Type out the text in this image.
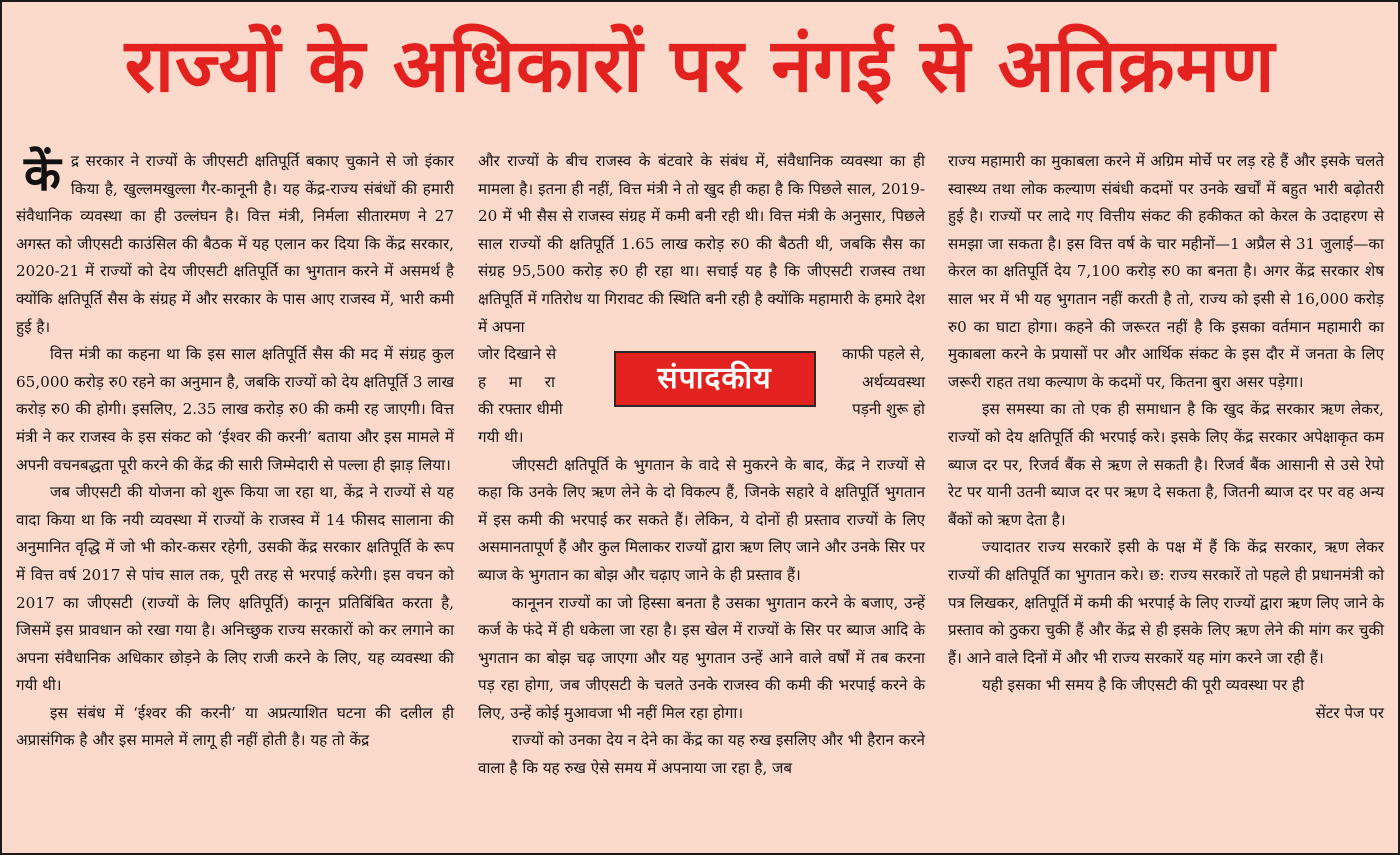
राज्यों के अधिकारों पर नंगई से अतिक्रमण

केंद्र सरकार ने राज्यों के जीएसटी क्षतिपूर्ति बकाए चुकाने से जो इंकार किया है, खुल्लमखुल्ला गैर-कानूनी है। यह केंद्र-राज्य संबंधों की हमारी संवैधानिक व्यवस्था का ही उल्लंघन है। वित्त मंत्री, निर्मला सीतारमण ने 27 अगस्त को जीएसटी काउंसिल की बैठक में यह एलान कर दिया कि केंद्र सरकार, 2020-21 में राज्यों को देय जीएसटी क्षतिपूर्ति का भुगतान करने में असमर्थ है क्योंकि क्षतिपूर्ति सैस के संग्रह में और सरकार के पास आए राजस्व में, भारी कमी हुई है।

वित्त मंत्री का कहना था कि इस साल क्षतिपूर्ति सैस की मद में संग्रह कुल 65,000 करोड़ रु0 रहने का अनुमान है, जबकि राज्यों को देय क्षतिपूर्ति 3 लाख करोड़ रु0 की होगी। इसलिए, 2.35 लाख करोड़ रु0 की कमी रह जाएगी। वित्त मंत्री ने कर राजस्व के इस संकट को ‘ईश्वर की करनी’ बताया और इस मामले में अपनी वचनबद्धता पूरी करने की केंद्र की सारी जिम्मेदारी से पल्ला ही झाड़ लिया।

जब जीएसटी की योजना को शुरू किया जा रहा था, केंद्र ने राज्यों से यह वादा किया था कि नयी व्यवस्था में राज्यों के राजस्व में 14 फीसद सालाना की अनुमानित वृद्धि में जो भी कोर-कसर रहेगी, उसकी केंद्र सरकार क्षतिपूर्ति के रूप में वित्त वर्ष 2017 से पांच साल तक, पूरी तरह से भरपाई करेगी। इस वचन को 2017 का जीएसटी (राज्यों के लिए क्षतिपूर्ति) कानून प्रतिबिंबित करता है, जिसमें इस प्रावधान को रखा गया है। अनिच्छुक राज्य सरकारों को कर लगाने का अपना संवैधानिक अधिकार छोड़ने के लिए राजी करने के लिए, यह व्यवस्था की गयी थी।

इस संबंध में ‘ईश्वर की करनी’ या अप्रत्याशित घटना की दलील ही अप्रासंगिक है और इस मामले में लागू ही नहीं होती है। यह तो केंद्र

और राज्यों के बीच राजस्व के बंटवारे के संबंध में, संवैधानिक व्यवस्था का ही मामला है। इतना ही नहीं, वित्त मंत्री ने तो खुद ही कहा है कि पिछले साल, 2019-20 में भी सैस से राजस्व संग्रह में कमी बनी रही थी। वित्त मंत्री के अनुसार, पिछले साल राज्यों की क्षतिपूर्ति 1.65 लाख करोड़ रु0 की बैठती थी, जबकि सैस का संग्रह 95,500 करोड़ रु0 ही रहा था। सचाई यह है कि जीएसटी राजस्व तथा क्षतिपूर्ति में गतिरोध या गिरावट की स्थिति बनी रही है क्योंकि महामारी के हमारे देश में अपना

जोर दिखाने से
ह मा रा
की रफ्तार धीमी
संपादकीय
काफी पहले से,
अर्थव्यवस्था
पड़नी शुरू हो

गयी थी।

जीएसटी क्षतिपूर्ति के भुगतान के वादे से मुकरने के बाद, केंद्र ने राज्यों से कहा कि उनके लिए ऋण लेने के दो विकल्प हैं, जिनके सहारे वे क्षतिपूर्ति भुगतान में इस कमी की भरपाई कर सकते हैं। लेकिन, ये दोनों ही प्रस्ताव राज्यों के लिए असमानतापूर्ण हैं और कुल मिलाकर राज्यों द्वारा ऋण लिए जाने और उनके सिर पर ब्याज के भुगतान का बोझ और चढ़ाए जाने के ही प्रस्ताव हैं।

कानूनन राज्यों का जो हिस्सा बनता है उसका भुगतान करने के बजाए, उन्हें कर्ज के फंदे में ही धकेला जा रहा है। इस खेल में राज्यों के सिर पर ब्याज आदि के भुगतान का बोझ चढ़ जाएगा और यह भुगतान उन्हें आने वाले वर्षों में तब करना पड़ रहा होगा, जब जीएसटी के चलते उनके राजस्व की कमी की भरपाई करने के लिए, उन्हें कोई मुआवजा भी नहीं मिल रहा होगा।

राज्यों को उनका देय न देने का केंद्र का यह रुख इसलिए और भी हैरान करने वाला है कि यह रुख ऐसे समय में अपनाया जा रहा है, जब

राज्य महामारी का मुकाबला करने में अग्रिम मोर्चे पर लड़ रहे हैं और इसके चलते स्वास्थ्य तथा लोक कल्याण संबंधी कदमों पर उनके खर्चों में बहुत भारी बढ़ोतरी हुई है। राज्यों पर लादे गए वित्तीय संकट की हकीकत को केरल के उदाहरण से समझा जा सकता है। इस वित्त वर्ष के चार महीनों—1 अप्रैल से 31 जुलाई—का केरल का क्षतिपूर्ति देय 7,100 करोड़ रु0 का बनता है। अगर केंद्र सरकार शेष साल भर में भी यह भुगतान नहीं करती है तो, राज्य को इसी से 16,000 करोड़ रु0 का घाटा होगा। कहने की जरूरत नहीं है कि इसका वर्तमान महामारी का मुकाबला करने के प्रयासों पर और आर्थिक संकट के इस दौर में जनता के लिए जरूरी राहत तथा कल्याण के कदमों पर, कितना बुरा असर पड़ेगा।

इस समस्या का तो एक ही समाधान है कि खुद केंद्र सरकार ऋण लेकर, राज्यों को देय क्षतिपूर्ति की भरपाई करे। इसके लिए केंद्र सरकार अपेक्षाकृत कम ब्याज दर पर, रिजर्व बैंक से ऋण ले सकती है। रिजर्व बैंक आसानी से उसे रेपो रेट पर यानी उतनी ब्याज दर पर ऋण दे सकता है, जितनी ब्याज दर पर वह अन्य बैंकों को ऋण देता है।

ज्यादातर राज्य सरकारें इसी के पक्ष में हैं कि केंद्र सरकार, ऋण लेकर राज्यों की क्षतिपूर्ति का भुगतान करे। छ: राज्य सरकारें तो पहले ही प्रधानमंत्री को पत्र लिखकर, क्षतिपूर्ति में कमी की भरपाई के लिए राज्यों द्वारा ऋण लिए जाने के प्रस्ताव को ठुकरा चुकी हैं और केंद्र से ही इसके लिए ऋण लेने की मांग कर चुकी हैं। आने वाले दिनों में और भी राज्य सरकारें यह मांग करने जा रही हैं।

यही इसका भी समय है कि जीएसटी की पूरी व्यवस्था पर ही

सेंटर पेज पर
